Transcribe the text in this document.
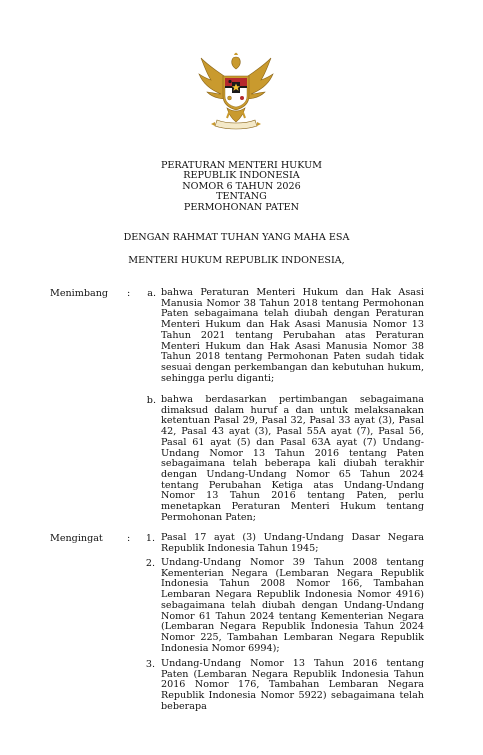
PERATURAN MENTERI HUKUM
REPUBLIK INDONESIA
NOMOR 6 TAHUN 2026
TENTANG
PERMOHONAN PATEN
DENGAN RAHMAT TUHAN YANG MAHA ESA
MENTERI HUKUM REPUBLIK INDONESIA,
Menimbang :	a. bahwa Peraturan Menteri Hukum dan Hak Asasi Manusia Nomor 38 Tahun 2018 tentang Permohonan Paten sebagaimana telah diubah dengan Peraturan Menteri Hukum dan Hak Asasi Manusia Nomor 13 Tahun 2021 tentang Perubahan atas Peraturan Menteri Hukum dan Hak Asasi Manusia Nomor 38 Tahun 2018 tentang Permohonan Paten sudah tidak sesuai dengan perkembangan dan kebutuhan hukum, sehingga perlu diganti;
b. bahwa berdasarkan pertimbangan sebagaimana dimaksud dalam huruf a dan untuk melaksanakan ketentuan Pasal 29, Pasal 32, Pasal 33 ayat (3), Pasal 42, Pasal 43 ayat (3), Pasal 55A ayat (7), Pasal 56, Pasal 61 ayat (5) dan Pasal 63A ayat (7) Undang-Undang Nomor 13 Tahun 2016 tentang Paten sebagaimana telah beberapa kali diubah terakhir dengan Undang-Undang Nomor 65 Tahun 2024 tentang Perubahan Ketiga atas Undang-Undang Nomor 13 Tahun 2016 tentang Paten, perlu menetapkan Peraturan Menteri Hukum tentang Permohonan Paten;
Mengingat	:	1. Pasal 17 ayat (3) Undang-Undang Dasar Negara Republik Indonesia Tahun 1945;
2. Undang-Undang Nomor 39 Tahun 2008 tentang Kementerian Negara (Lembaran Negara Republik Indonesia Tahun 2008 Nomor 166, Tambahan Lembaran Negara Republik Indonesia Nomor 4916) sebagaimana telah diubah dengan Undang-Undang Nomor 61 Tahun 2024 tentang Kementerian Negara (Lembaran Negara Republik Indonesia Tahun 2024 Nomor 225, Tambahan Lembaran Negara Republik Indonesia Nomor 6994);
3. Undang-Undang Nomor 13 Tahun 2016 tentang Paten (Lembaran Negara Republik Indonesia Tahun 2016 Nomor 176, Tambahan Lembaran Negara Republik Indonesia Nomor 5922) sebagaimana telah beberapa
